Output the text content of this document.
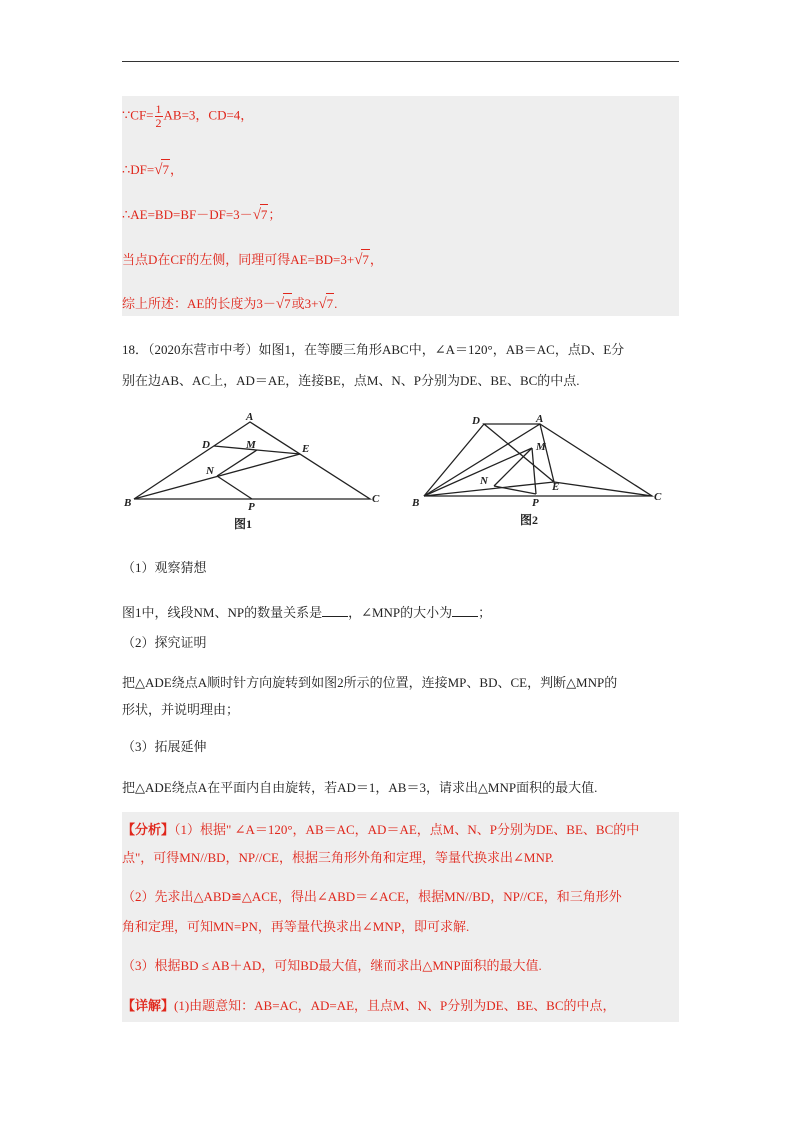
∵CF= $\frac{1}{2} AB=3$，CD=4，
∴DF=√7，
∴AE=BD=BF－DF=3－√7；
当点D在CF的左侧，同理可得AE=BD=3+√7，
综上所述：AE的长度为3－√7或3+√7.
18．（2020东营市中考）如图1，在等腰三角形ABC中，∠A＝120°，AB＝AC，点D、E分
别在边AB、AC上，AD＝AE，连接BE，点M、N、P分别为DE、BE、BC的中点.
A
D	M	E
N
B	P
C
图1
D	A
M
N	E
B	P	C
图2
（1）观察猜想
图1中，线段NM、NP的数量关系是 ，∠MNP的大小为 ；
（2）探究证明
把△ADE绕点A顺时针方向旋转到如图2所示的位置，连接MP、BD、CE，判断△MNP的
形状，并说明理由；
（3）拓展延伸
把△ADE绕点A在平面内自由旋转，若AD＝1，AB＝3，请求出△MNP面积的最大值.
【分析】（1）根据" ∠A＝120°，AB＝AC，AD＝AE，点M、N、P分别为DE、BE、BC的中
点"，可得MN//BD，NP//CE，根据三角形外角和定理，等量代换求出∠MNP.
（2）先求出△ABD≌△ACE，得出∠ABD＝∠ACE，根据MN//BD，NP//CE，和三角形外
角和定理，可知MN=PN，再等量代换求出∠MNP，即可求解.
（3）根据BD ≤ AB＋AD，可知BD最大值，继而求出△MNP面积的最大值.
【详解】(1)由题意知：AB=AC，AD=AE，且点M、N、P分别为DE、BE、BC的中点，
